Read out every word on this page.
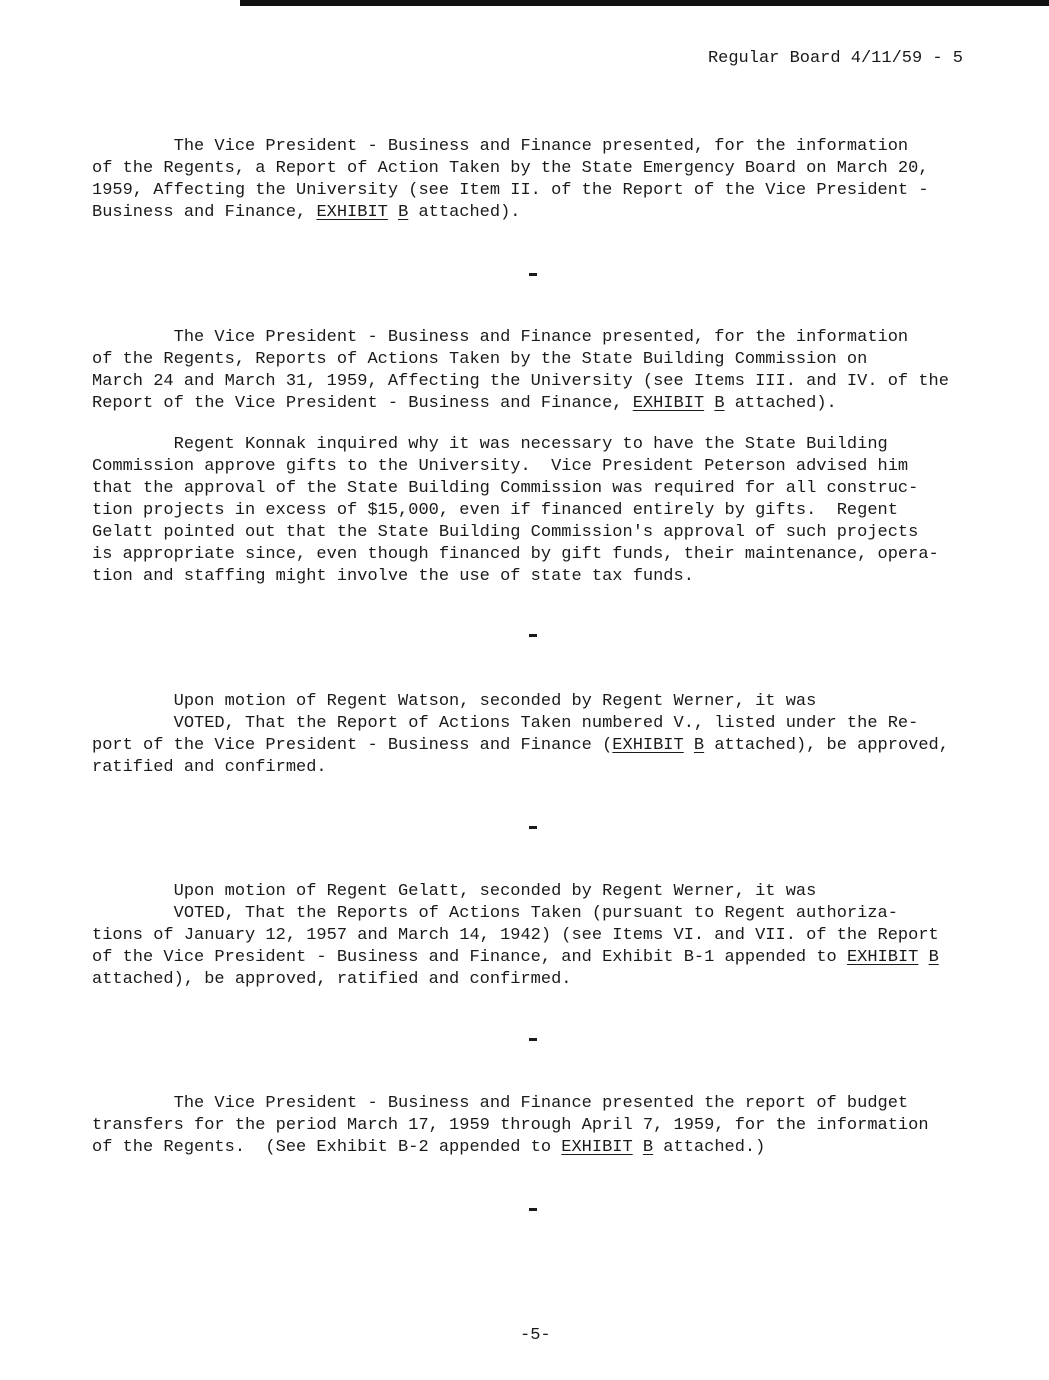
Regular Board 4/11/59 - 5
The Vice President - Business and Finance presented, for the information
of the Regents, a Report of Action Taken by the State Emergency Board on March 20,
1959, Affecting the University (see Item II. of the Report of the Vice President -
Business and Finance, EXHIBIT B attached).
The Vice President - Business and Finance presented, for the information
of the Regents, Reports of Actions Taken by the State Building Commission on
March 24 and March 31, 1959, Affecting the University (see Items III. and IV. of the
Report of the Vice President - Business and Finance, EXHIBIT B attached).
Regent Konnak inquired why it was necessary to have the State Building
Commission approve gifts to the University.  Vice President Peterson advised him
that the approval of the State Building Commission was required for all construc-
tion projects in excess of $15,000, even if financed entirely by gifts.  Regent
Gelatt pointed out that the State Building Commission's approval of such projects
is appropriate since, even though financed by gift funds, their maintenance, opera-
tion and staffing might involve the use of state tax funds.
Upon motion of Regent Watson, seconded by Regent Werner, it was
VOTED, That the Report of Actions Taken numbered V., listed under the Re-
port of the Vice President - Business and Finance (EXHIBIT B attached), be approved,
ratified and confirmed.
Upon motion of Regent Gelatt, seconded by Regent Werner, it was
VOTED, That the Reports of Actions Taken (pursuant to Regent authoriza-
tions of January 12, 1957 and March 14, 1942) (see Items VI. and VII. of the Report
of the Vice President - Business and Finance, and Exhibit B-1 appended to EXHIBIT B
attached), be approved, ratified and confirmed.
The Vice President - Business and Finance presented the report of budget
transfers for the period March 17, 1959 through April 7, 1959, for the information
of the Regents.  (See Exhibit B-2 appended to EXHIBIT B attached.)
-5-
